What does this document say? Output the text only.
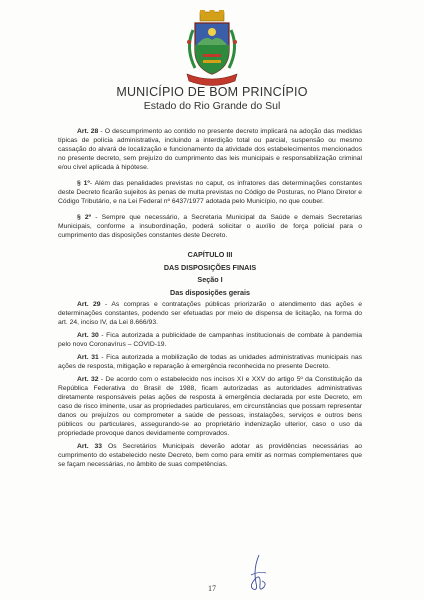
MUNICÍPIO DE BOM PRINCÍPIO
Estado do Rio Grande do Sul

Art. 28 - O descumprimento ao contido no presente decreto implicará na adoção das medidas típicas de polícia administrativa, incluindo a interdição total ou parcial, suspensão ou mesmo cassação do alvará de localização e funcionamento da atividade dos estabelecimentos mencionados no presente decreto, sem prejuízo do cumprimento das leis municipais e responsabilização criminal e/ou cível aplicada à hipótese.

§ 1º- Além das penalidades previstas no caput, os infratores das determinações constantes deste Decreto ficarão sujeitos às penas de multa previstas no Código de Posturas, no Plano Diretor e Código Tributário, e na Lei Federal nº 6437/1977 adotada pelo Município, no que couber.

§ 2º - Sempre que necessário, a Secretaria Municipal da Saúde e demais Secretarias Municipais, conforme a insubordinação, poderá solicitar o auxílio de força policial para o cumprimento das disposições constantes deste Decreto.

CAPÍTULO III

DAS DISPOSIÇÕES FINAIS

Seção I

Das disposições gerais

Art. 29 - As compras e contratações públicas priorizarão o atendimento das ações e determinações constantes, podendo ser efetuadas por meio de dispensa de licitação, na forma do art. 24, inciso IV, da Lei 8.666/93.

Art. 30 - Fica autorizada a publicidade de campanhas institucionais de combate à pandemia pelo novo Coronavírus – COVID-19.

Art. 31 - Fica autorizada a mobilização de todas as unidades administrativas municipais nas ações de resposta, mitigação e reparação à emergência reconhecida no presente Decreto.

Art. 32 - De acordo com o estabelecido nos incisos XI e XXV do artigo 5º da Constituição da República Federativa do Brasil de 1988, ficam autorizadas as autoridades administrativas diretamente responsáveis pelas ações de resposta à emergência declarada por este Decreto, em caso de risco iminente, usar as propriedades particulares, em circunstâncias que possam representar danos ou prejuízos ou comprometer a saúde de pessoas, instalações, serviços e outros bens públicos ou particulares, assegurando-se ao proprietário indenização ulterior, caso o uso da propriedade provoque danos devidamente comprovados.

Art. 33 Os Secretários Municipais deverão adotar as providências necessárias ao cumprimento do estabelecido neste Decreto, bem como para emitir as normas complementares que se façam necessárias, no âmbito de suas competências.

17
